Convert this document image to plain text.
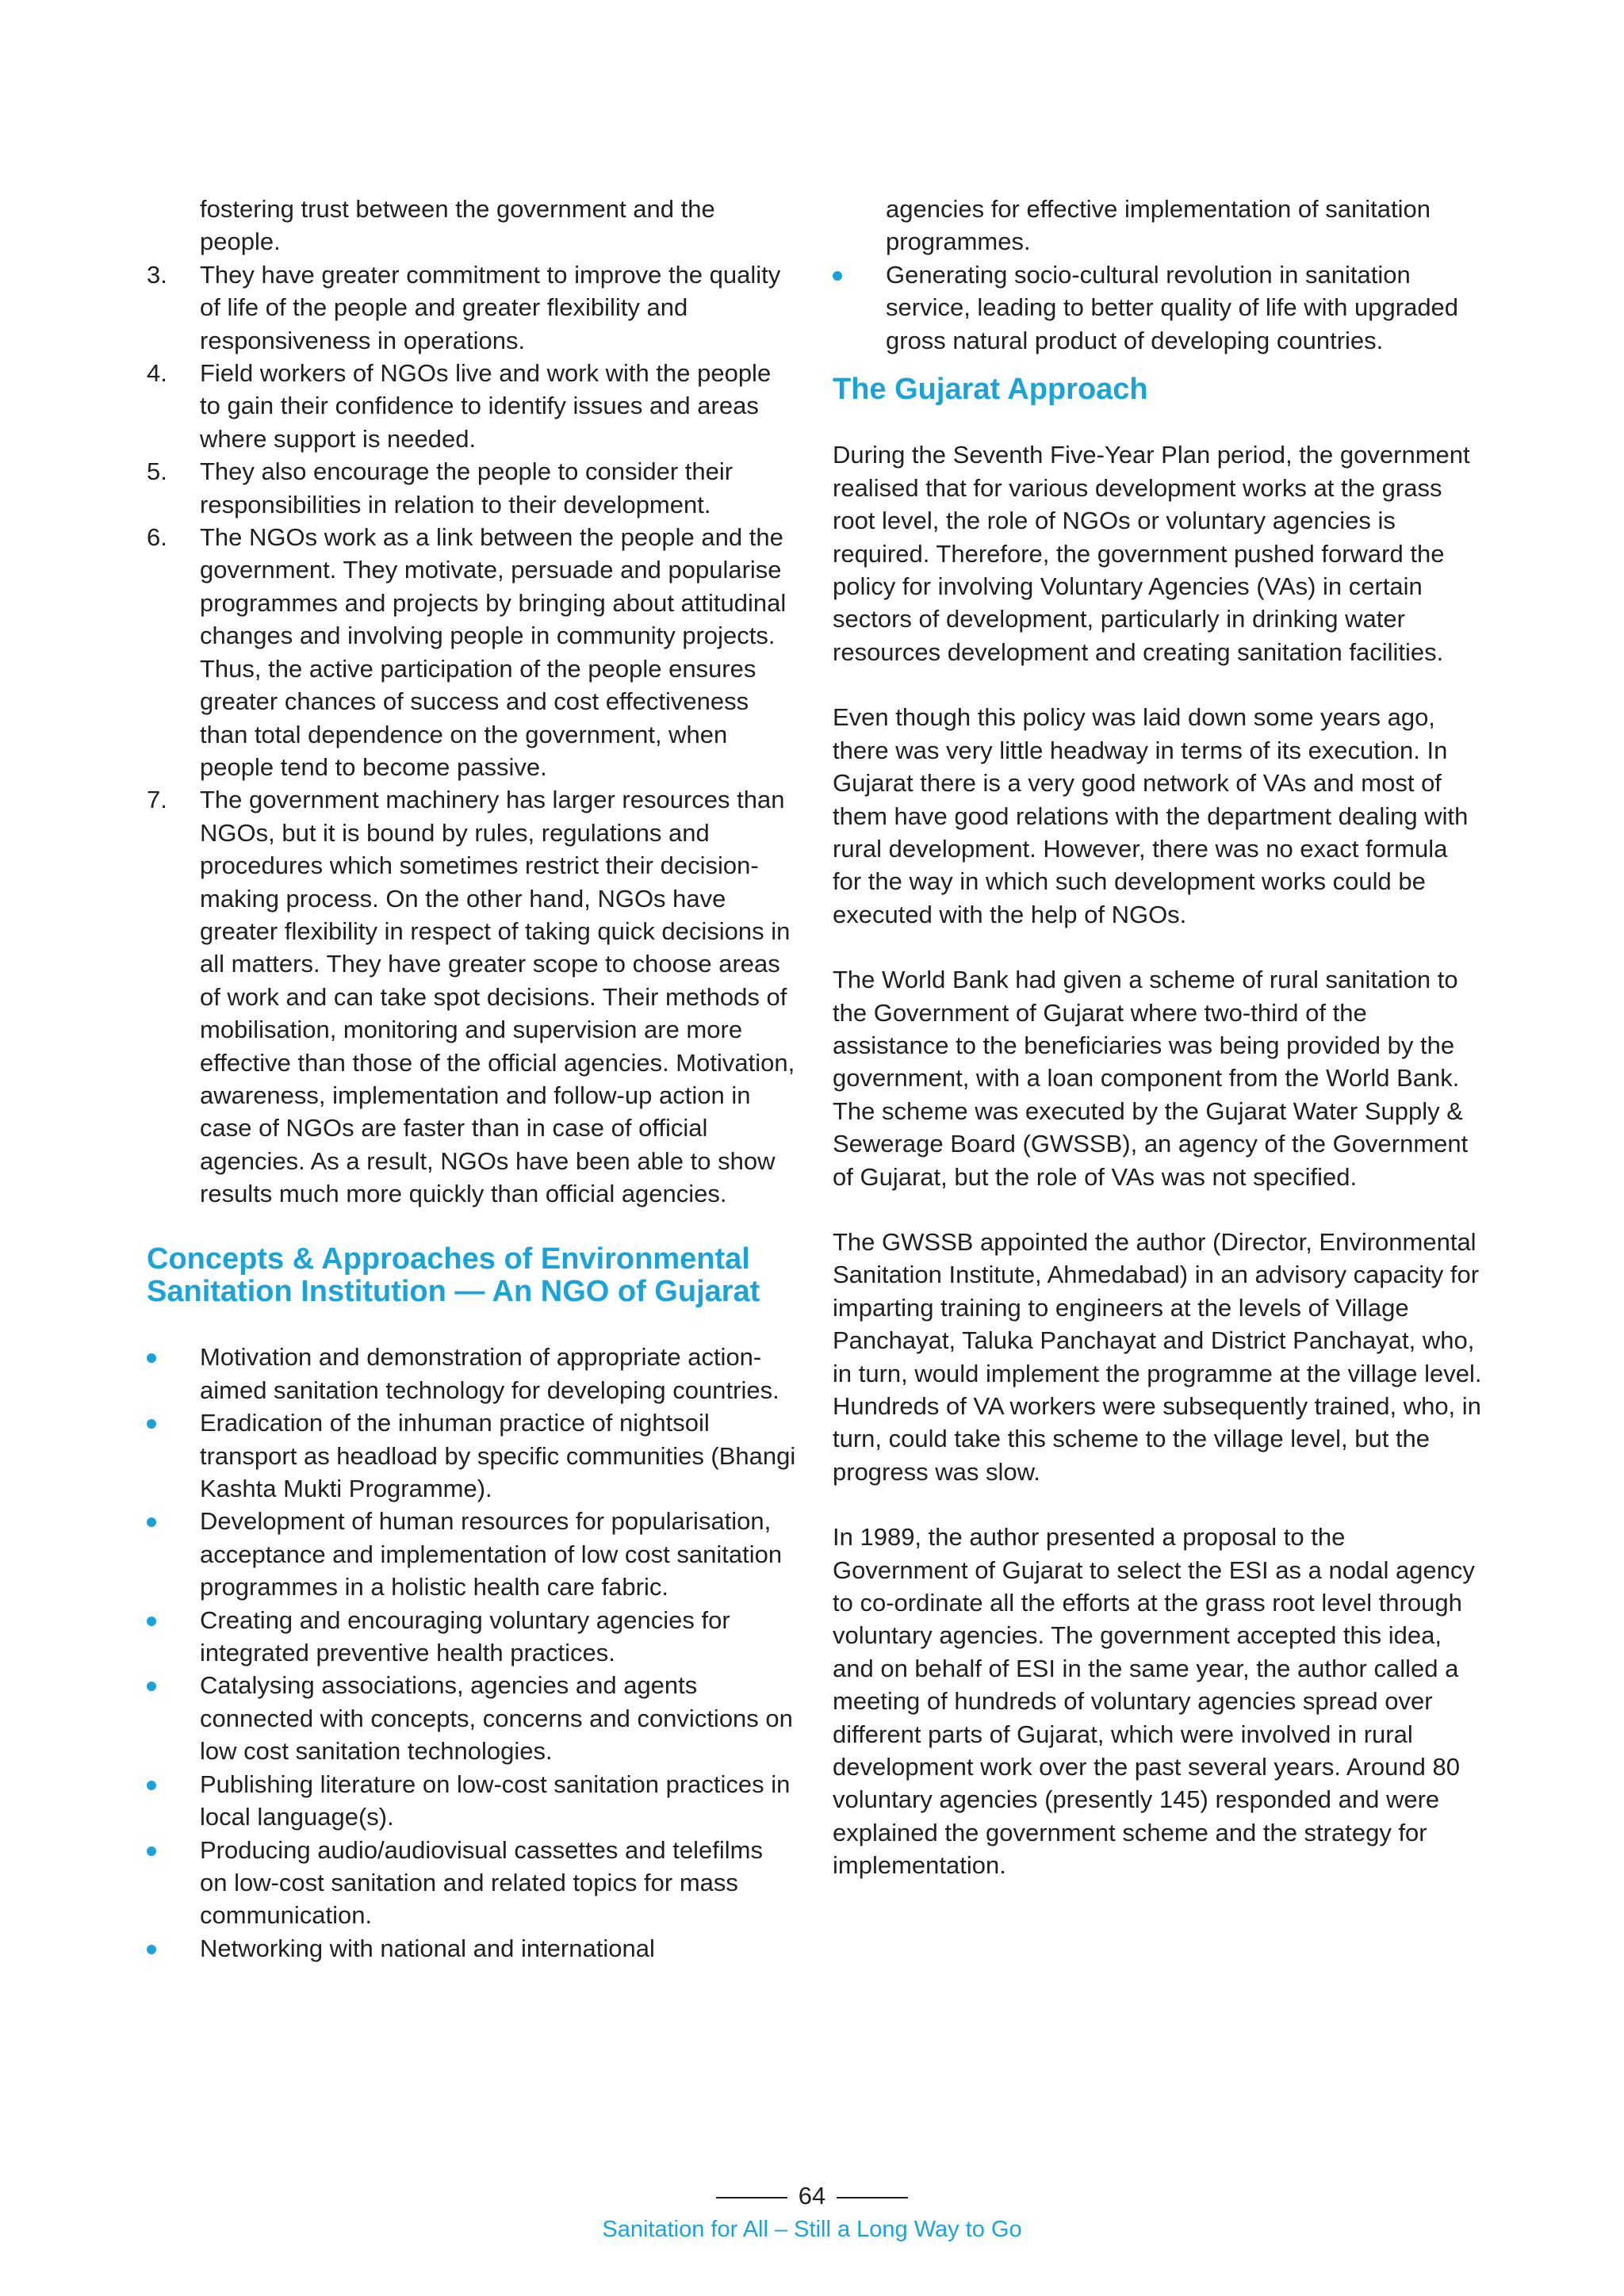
fostering trust between the government and the people.

3. They have greater commitment to improve the quality of life of the people and greater flexibility and responsiveness in operations.

4. Field workers of NGOs live and work with the people to gain their confidence to identify issues and areas where support is needed.

5. They also encourage the people to consider their responsibilities in relation to their development.

6. The NGOs work as a link between the people and the government. They motivate, persuade and popularise programmes and projects by bringing about attitudinal changes and involving people in community projects. Thus, the active participation of the people ensures greater chances of success and cost effectiveness than total dependence on the government, when people tend to become passive.

7. The government machinery has larger resources than NGOs, but it is bound by rules, regulations and procedures which sometimes restrict their decision-making process. On the other hand, NGOs have greater flexibility in respect of taking quick decisions in all matters. They have greater scope to choose areas of work and can take spot decisions. Their methods of mobilisation, monitoring and supervision are more effective than those of the official agencies. Motivation, awareness, implementation and follow-up action in case of NGOs are faster than in case of official agencies. As a result, NGOs have been able to show results much more quickly than official agencies.

Concepts & Approaches of Environmental Sanitation Institution — An NGO of Gujarat

Motivation and demonstration of appropriate action-aimed sanitation technology for developing countries.

Eradication of the inhuman practice of nightsoil transport as headload by specific communities (Bhangi Kashta Mukti Programme).

Development of human resources for popularisation, acceptance and implementation of low cost sanitation programmes in a holistic health care fabric.

Creating and encouraging voluntary agencies for integrated preventive health practices.

Catalysing associations, agencies and agents connected with concepts, concerns and convictions on low cost sanitation technologies.

Publishing literature on low-cost sanitation practices in local language(s).

Producing audio/audiovisual cassettes and telefilms on low-cost sanitation and related topics for mass communication.

Networking with national and international

agencies for effective implementation of sanitation programmes.

Generating socio-cultural revolution in sanitation service, leading to better quality of life with upgraded gross natural product of developing countries.

The Gujarat Approach

During the Seventh Five-Year Plan period, the government realised that for various development works at the grass root level, the role of NGOs or voluntary agencies is required. Therefore, the government pushed forward the policy for involving Voluntary Agencies (VAs) in certain sectors of development, particularly in drinking water resources development and creating sanitation facilities.

Even though this policy was laid down some years ago, there was very little headway in terms of its execution. In Gujarat there is a very good network of VAs and most of them have good relations with the department dealing with rural development. However, there was no exact formula for the way in which such development works could be executed with the help of NGOs.

The World Bank had given a scheme of rural sanitation to the Government of Gujarat where two-third of the assistance to the beneficiaries was being provided by the government, with a loan component from the World Bank. The scheme was executed by the Gujarat Water Supply & Sewerage Board (GWSSB), an agency of the Government of Gujarat, but the role of VAs was not specified.

The GWSSB appointed the author (Director, Environmental Sanitation Institute, Ahmedabad) in an advisory capacity for imparting training to engineers at the levels of Village Panchayat, Taluka Panchayat and District Panchayat, who, in turn, would implement the programme at the village level. Hundreds of VA workers were subsequently trained, who, in turn, could take this scheme to the village level, but the progress was slow.

In 1989, the author presented a proposal to the Government of Gujarat to select the ESI as a nodal agency to co-ordinate all the efforts at the grass root level through voluntary agencies. The government accepted this idea, and on behalf of ESI in the same year, the author called a meeting of hundreds of voluntary agencies spread over different parts of Gujarat, which were involved in rural development work over the past several years. Around 80 voluntary agencies (presently 145) responded and were explained the government scheme and the strategy for implementation.

64
Sanitation for All – Still a Long Way to Go
